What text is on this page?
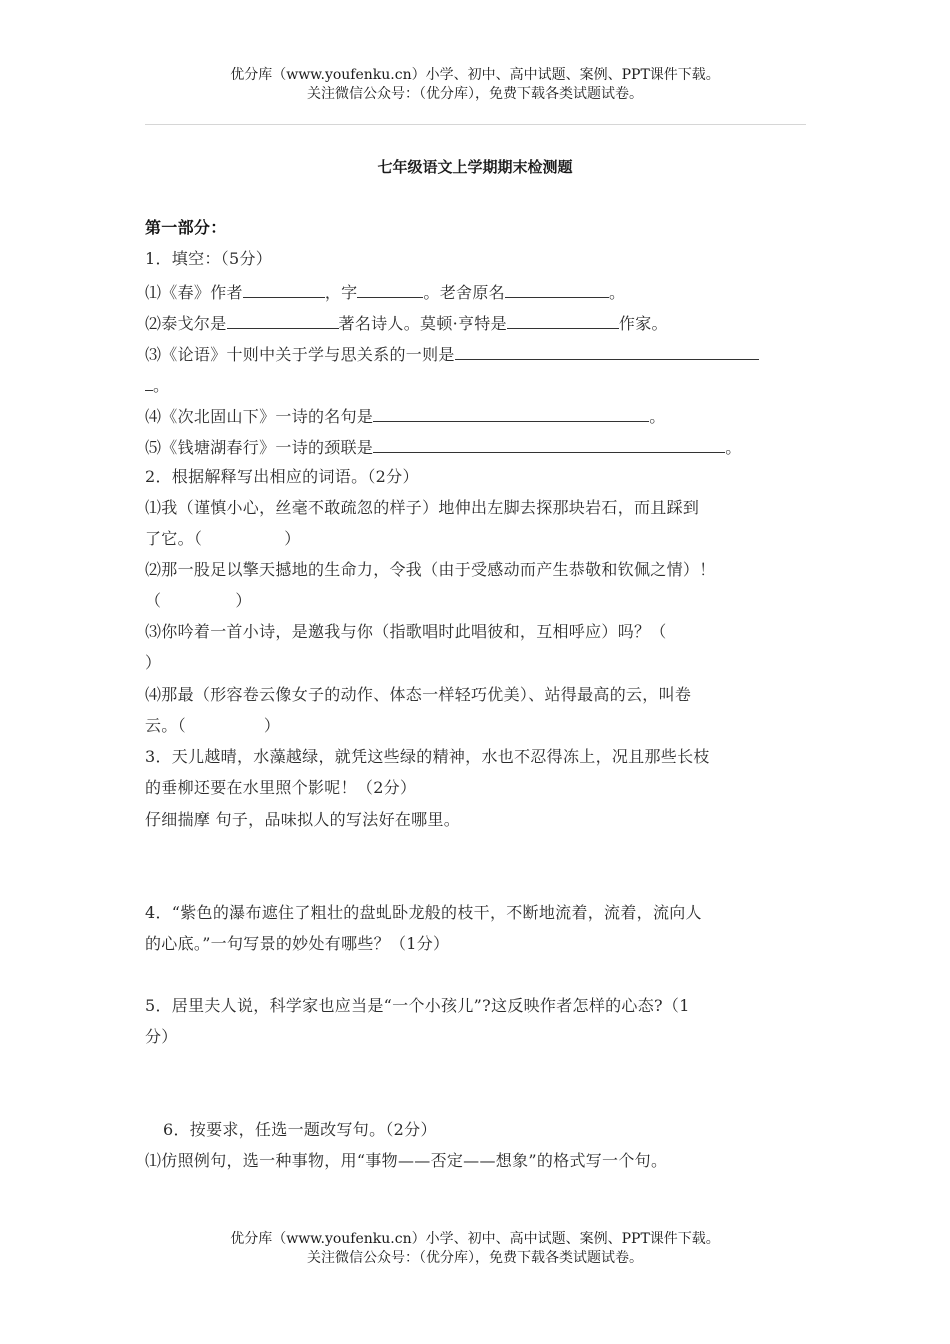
优分库（www.youfenku.cn）小学、初中、高中试题、案例、PPT课件下载。
关注微信公众号：（优分库），免费下载各类试题试卷。
七年级语文上学期期末检测题
第一部分：
1．填空：（5分）
⑴《春》作者	，字	。老舍原名	。
⑵泰戈尔是	著名诗人。莫顿·亨特是	作家。
⑶《论语》十则中关于学与思关系的一则是
。
⑷《次北固山下》一诗的名句是	。
⑸《钱塘湖春行》一诗的颈联是	。
2．根据解释写出相应的词语。（2分）
⑴我（谨慎小心，丝毫不敢疏忽的样子）地伸出左脚去探那块岩石，而且踩到
了它。（	）
⑵那一股足以擎天撼地的生命力，令我（由于受感动而产生恭敬和钦佩之情）！
（	）
⑶你吟着一首小诗，是邀我与你（指歌唱时此唱彼和，互相呼应）吗？（
）
⑷那最（形容卷云像女子的动作、体态一样轻巧优美）、站得最高的云，叫卷
云。（	）
3．天儿越晴，水藻越绿，就凭这些绿的精神，水也不忍得冻上，况且那些长枝
的垂柳还要在水里照个影呢！（2分）
仔细揣摩 句子，品味拟人的写法好在哪里。
4．“紫色的瀑布遮住了粗壮的盘虬卧龙般的枝干，不断地流着，流着，流向人
的心底。”一句写景的妙处有哪些？（1分）
5．居里夫人说，科学家也应当是“一个小孩儿”?这反映作者怎样的心态?（1
分）
6．按要求，任选一题改写句。（2分）
⑴仿照例句，选一种事物，用“事物——否定——想象”的格式写一个句。
优分库（www.youfenku.cn）小学、初中、高中试题、案例、PPT课件下载。
关注微信公众号：（优分库），免费下载各类试题试卷。
